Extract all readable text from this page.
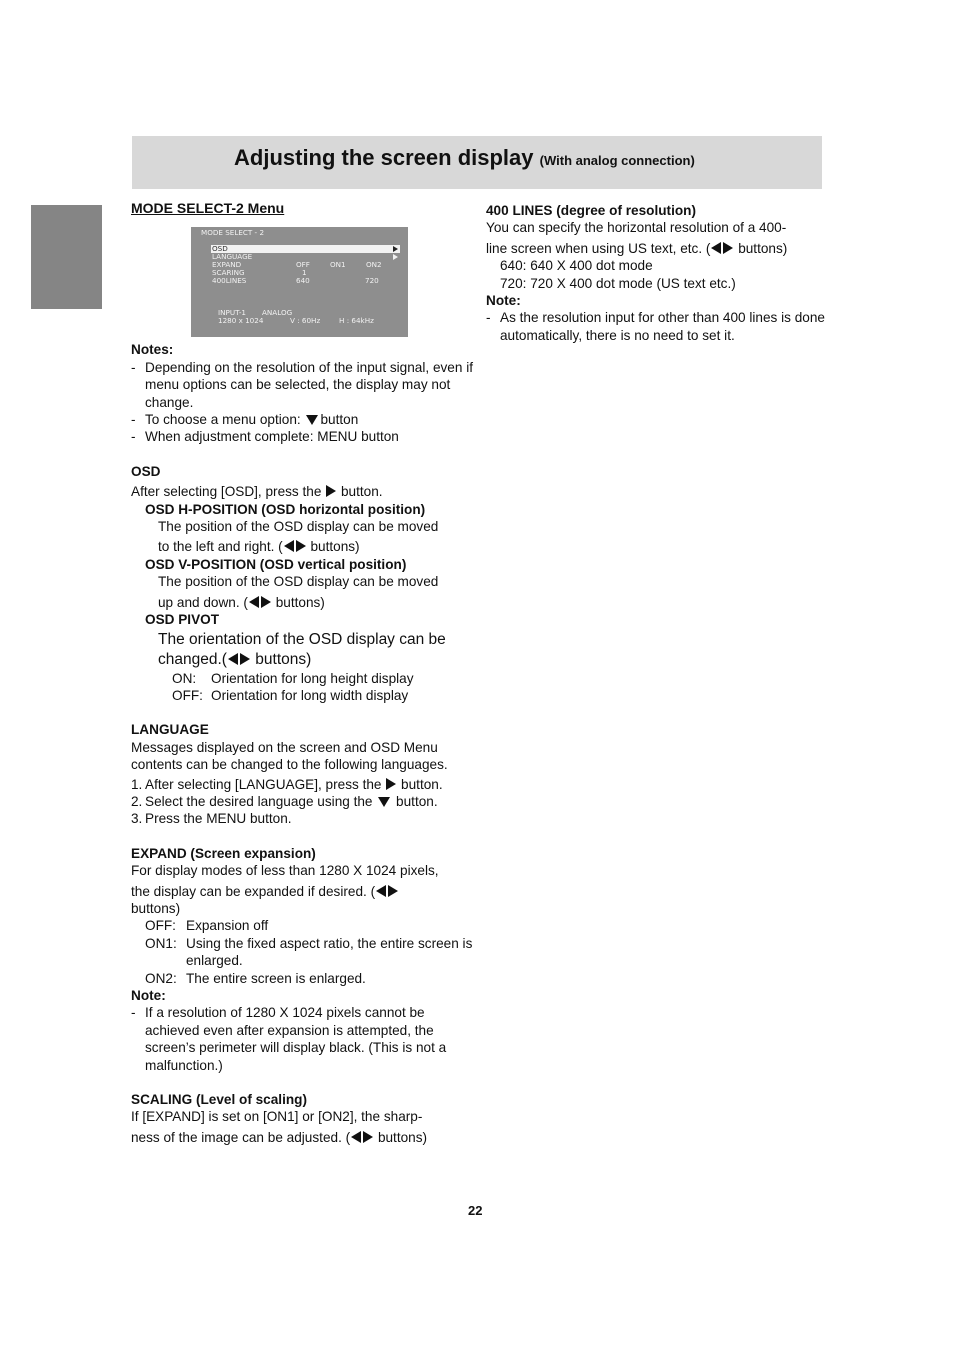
Adjusting the screen display (With analog connection)

MODE SELECT-2 Menu

MODE SELECT - 2
OSD
LANGUAGE
EXPAND	OFF	ON1	ON2
SCARING	1
400LINES	640	720
INPUT-1 ANALOG
1280 x 1024	V : 60Hz	H : 64kHz

Notes:

- Depending on the resolution of the input signal, even if menu options can be selected, the display may not change.

- To choose a menu option: button

- When adjustment complete: MENU button

OSD

After selecting [OSD], press the button.

OSD H-POSITION (OSD horizontal position)

The position of the OSD display can be moved

to the left and right. ( buttons)

OSD V-POSITION (OSD vertical position)

The position of the OSD display can be moved

up and down. ( buttons)

OSD PIVOT

The orientation of the OSD display can be

changed.( buttons)

ON: Orientation for long height display

OFF: Orientation for long width display

LANGUAGE

Messages displayed on the screen and OSD Menu

contents can be changed to the following languages.

1. After selecting [LANGUAGE], press the button.

2. Select the desired language using the button.

3. Press the MENU button.

EXPAND (Screen expansion)

For display modes of less than 1280 X 1024 pixels,

the display can be expanded if desired. (

buttons)

OFF: Expansion off

ON1: Using the fixed aspect ratio, the entire screen is enlarged.

ON2: The entire screen is enlarged.

Note:

- If a resolution of 1280 X 1024 pixels cannot be achieved even after expansion is attempted, the screen’s perimeter will display black. (This is not a malfunction.)

SCALING (Level of scaling)

If [EXPAND] is set on [ON1] or [ON2], the sharp-

ness of the image can be adjusted. ( buttons)

400 LINES (degree of resolution)

You can specify the horizontal resolution of a 400-

line screen when using US text, etc. ( buttons)

640: 640 X 400 dot mode

720: 720 X 400 dot mode (US text etc.)

Note:

- As the resolution input for other than 400 lines is done automatically, there is no need to set it.

22
